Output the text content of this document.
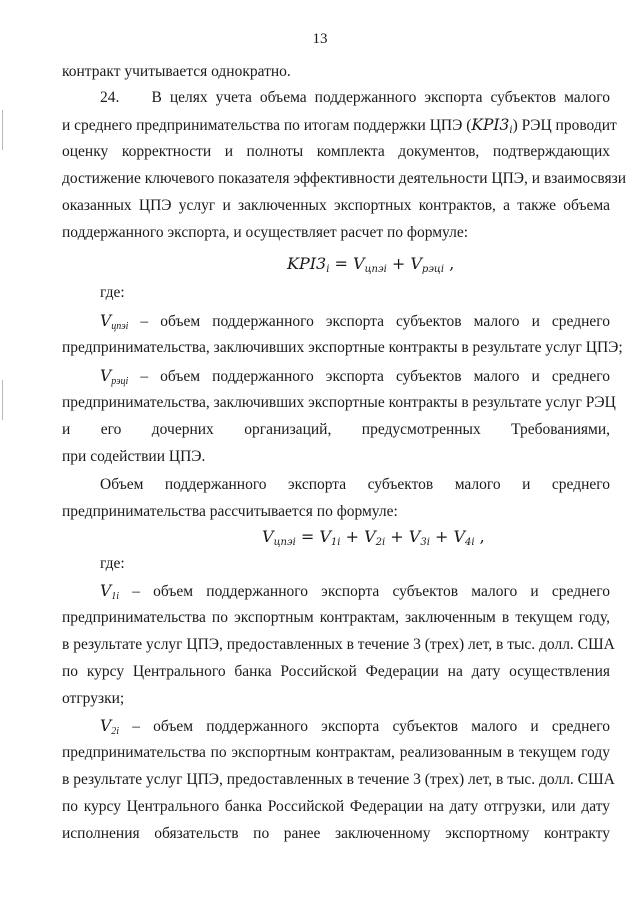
13
контракт учитывается однократно.
24. В целях учета объема поддержанного экспорта субъектов малого
и среднего предпринимательства по итогам поддержки ЦПЭ $(KPI3_i)$ РЭЦ проводит
оценку корректности и полноты комплекта документов, подтверждающих
достижение ключевого показателя эффективности деятельности ЦПЭ, и взаимосвязи
оказанных ЦПЭ услуг и заключенных экспортных контрактов, а также объема
поддержанного экспорта, и осуществляет расчет по формуле:
$KPI3_i = V_{цпэi} + V_{рэцi}$ ,
где:
$V_{цпэi}$ – объем поддержанного экспорта субъектов малого и среднего
предпринимательства, заключивших экспортные контракты в результате услуг ЦПЭ;
$V_{рэцi}$ – объем поддержанного экспорта субъектов малого и среднего
предпринимательства, заключивших экспортные контракты в результате услуг РЭЦ
и его дочерних организаций, предусмотренных Требованиями,
при содействии ЦПЭ.
Объем поддержанного экспорта субъектов малого и среднего
предпринимательства рассчитывается по формуле:
$V_{цпэi} = V_{1i} + V_{2i} + V_{3i} + V_{4i}$ ,
где:
$V_{1i}$ – объем поддержанного экспорта субъектов малого и среднего
предпринимательства по экспортным контрактам, заключенным в текущем году,
в результате услуг ЦПЭ, предоставленных в течение 3 (трех) лет, в тыс. долл. США
по курсу Центрального банка Российской Федерации на дату осуществления
отгрузки;
$V_{2i}$ – объем поддержанного экспорта субъектов малого и среднего
предпринимательства по экспортным контрактам, реализованным в текущем году
в результате услуг ЦПЭ, предоставленных в течение 3 (трех) лет, в тыс. долл. США
по курсу Центрального банка Российской Федерации на дату отгрузки, или дату
исполнения обязательств по ранее заключенному экспортному контракту
